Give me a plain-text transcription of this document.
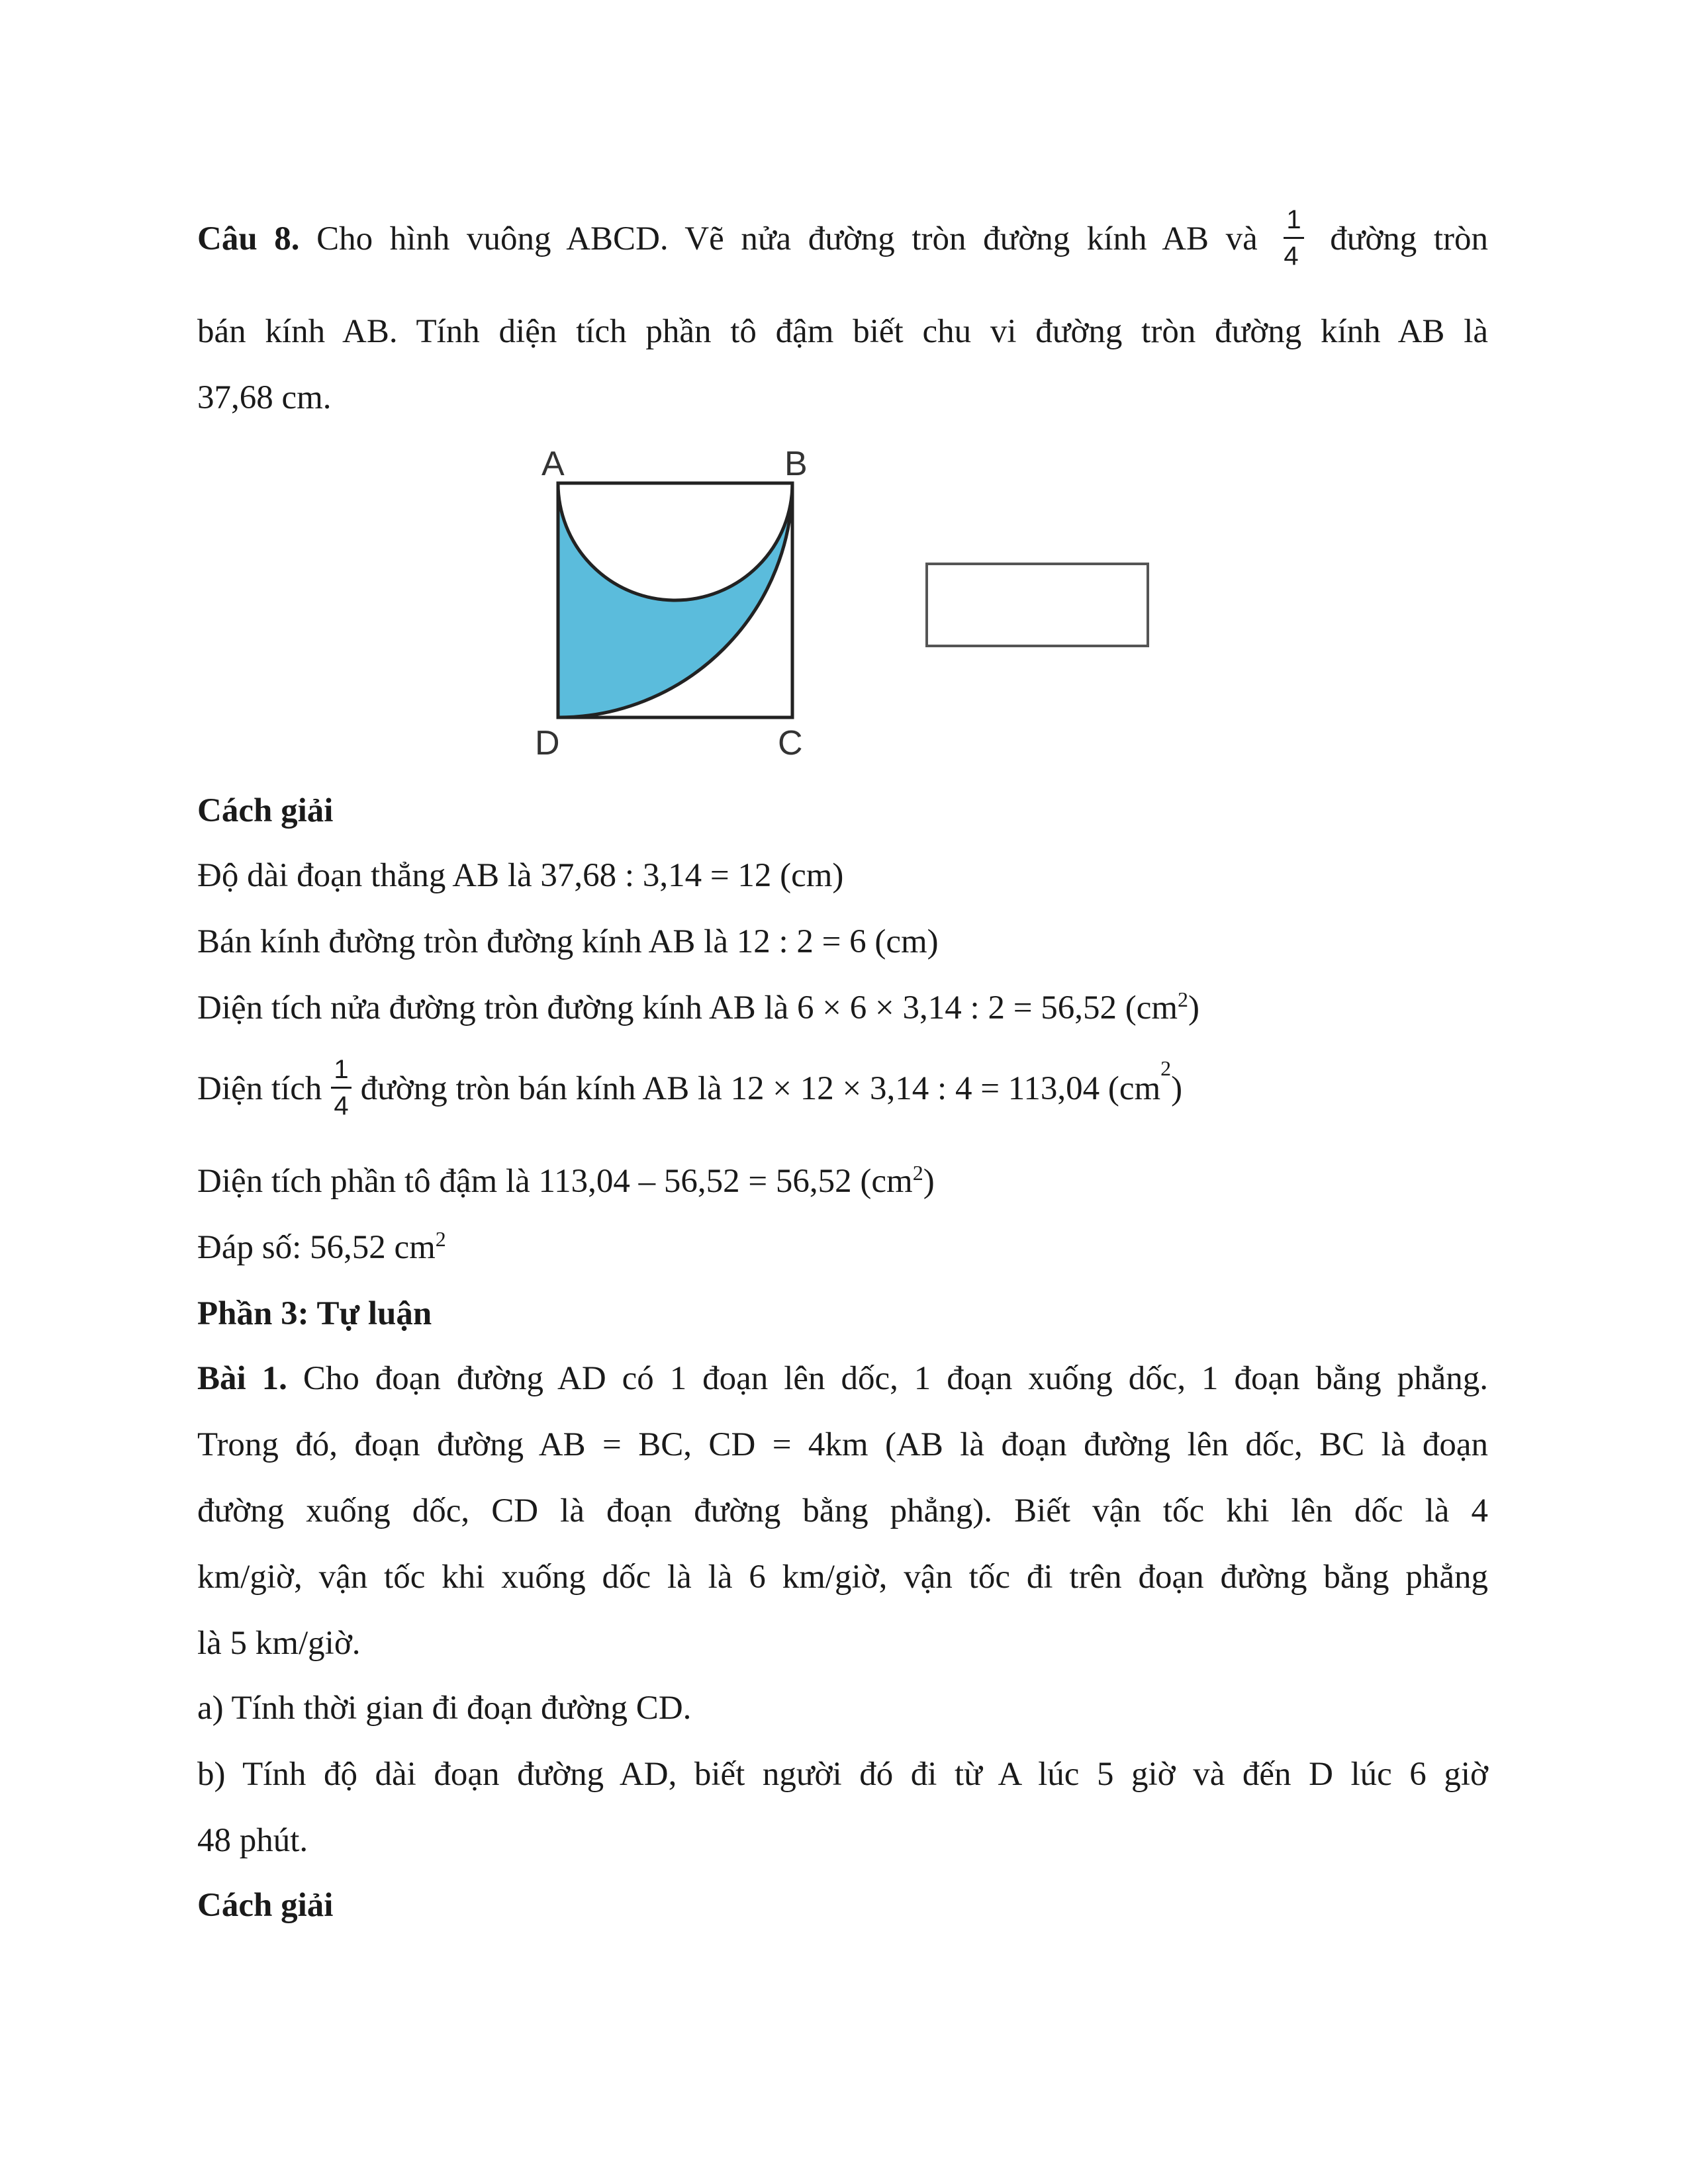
Câu 8. Cho hình vuông ABCD. Vẽ nửa đường tròn đường kính AB và $\frac{1}{4}$ đường tròn
bán kính AB. Tính diện tích phần tô đậm biết chu vi đường tròn đường kính AB là
37,68 cm.
A	B
D	C
Cách giải
Độ dài đoạn thẳng AB là 37,68 : 3,14 = 12 (cm)
Bán kính đường tròn đường kính AB là 12 : 2 = 6 (cm)
Diện tích nửa đường tròn đường kính AB là 6 × 6 × 3,14 : 2 = 56,52 $(cm^2)$
Diện tích $\frac{1}{4}$ đường tròn bán kính AB là 12 × 12 × 3,14 : 4 = 113,04 $(cm^2)$
Diện tích phần tô đậm là 113,04 – 56,52 = 56,52 $(cm^2)$
Đáp số: 56,52 $cm^2$
Phần 3: Tự luận
Bài 1. Cho đoạn đường AD có 1 đoạn lên dốc, 1 đoạn xuống dốc, 1 đoạn bằng phẳng.
Trong đó, đoạn đường AB = BC, CD = 4km (AB là đoạn đường lên dốc, BC là đoạn
đường xuống dốc, CD là đoạn đường bằng phẳng). Biết vận tốc khi lên dốc là 4
km/giờ, vận tốc khi xuống dốc là là 6 km/giờ, vận tốc đi trên đoạn đường bằng phẳng
là 5 km/giờ.
a) Tính thời gian đi đoạn đường CD.
b) Tính độ dài đoạn đường AD, biết người đó đi từ A lúc 5 giờ và đến D lúc 6 giờ
48 phút.
Cách giải
